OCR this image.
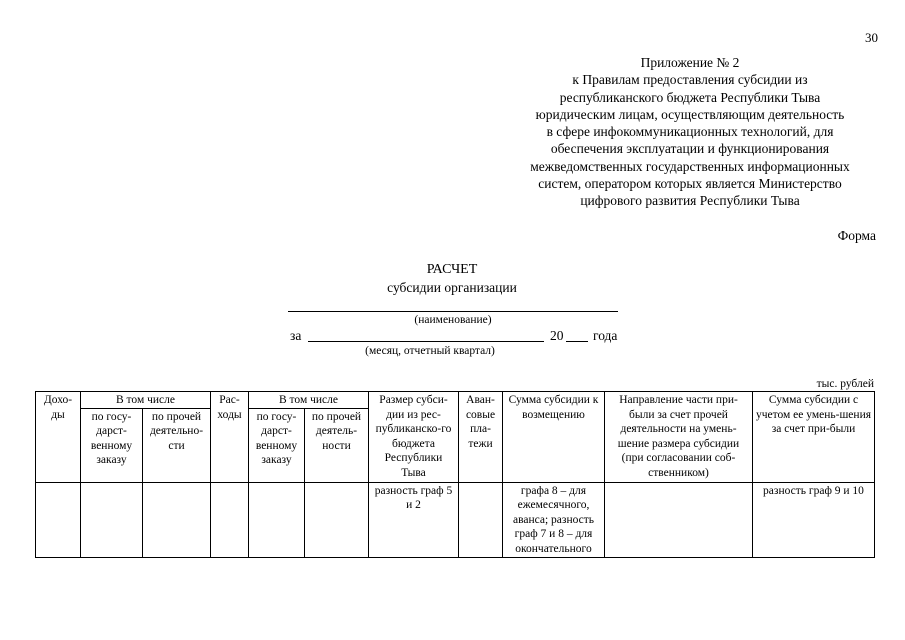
30
Приложение № 2
к Правилам предоставления субсидии из
республиканского бюджета Республики Тыва
юридическим лицам, осуществляющим деятельность
в сфере инфокоммуникационных технологий, для
обеспечения эксплуатации и функционирования
межведомственных государственных информационных
систем, оператором которых является Министерство
цифрового развития Республики Тыва
Форма
РАСЧЕТ
субсидии организации
(наименование)
за	20 года
(месяц, отчетный квартал)
тыс. рублей
Дохо-ды	В том числе		Рас-ходы	В том числе		Размер субси-дии из рес-публиканско-го бюджета Республики Тыва	Аван-совые пла-тежи	Сумма субсидии к возмещению	Направление части при-были за счет прочей деятельности на умень-шение размера субсидии (при согласовании соб-ственником)	Сумма субсидии с учетом ее умень-шения за счет при-были
	по госу-дарст-венному заказу	по прочей деятельно-сти		по госу-дарст-венному заказу	по прочей деятель-ности					
						разность граф 5 и 2		графа 8 – для ежемесячного, аванса; разность граф 7 и 8 – для окончательного		разность граф 9 и 10
